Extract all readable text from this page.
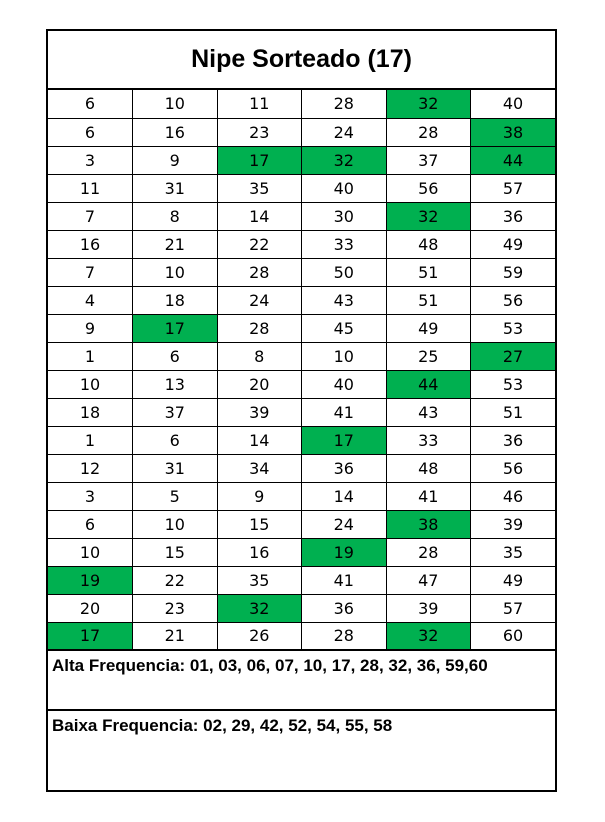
Nipe Sorteado (17)
6	10	11	28	32	40
6	16	23	24	28	38
3	9	17	32	37	44
11	31	35	40	56	57
7	8	14	30	32	36
16	21	22	33	48	49
7	10	28	50	51	59
4	18	24	43	51	56
9	17	28	45	49	53
1	6	8	10	25	27
10	13	20	40	44	53
18	37	39	41	43	51
1	6	14	17	33	36
12	31	34	36	48	56
3	5	9	14	41	46
6	10	15	24	38	39
10	15	16	19	28	35
19	22	35	41	47	49
20	23	32	36	39	57
17	21	26	28	32	60
Alta Frequencia: 01, 03, 06, 07, 10, 17, 28, 32, 36, 59,60
Baixa Frequencia: 02, 29, 42, 52, 54, 55, 58
